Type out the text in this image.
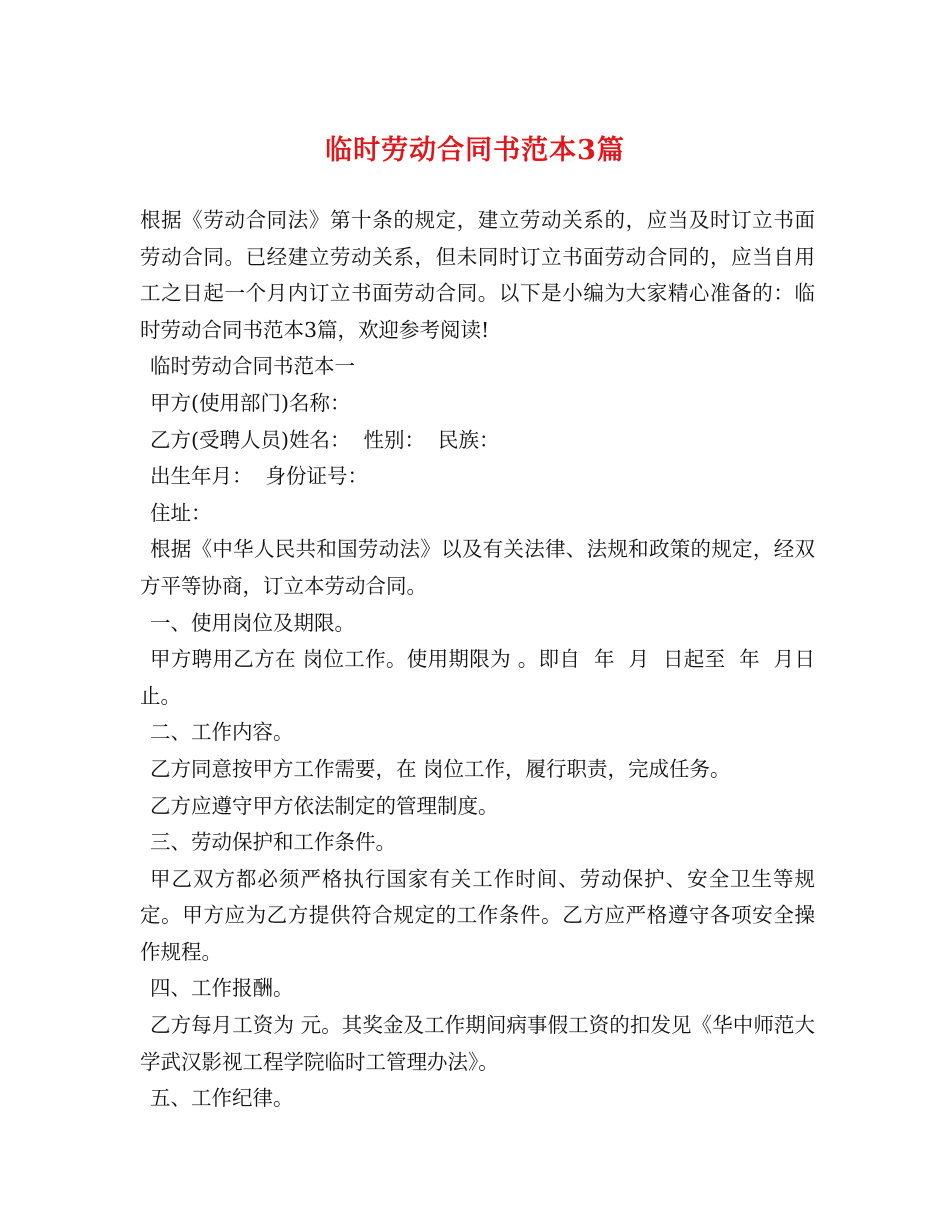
临时劳动合同书范本3篇

根据《劳动合同法》第十条的规定，建立劳动关系的，应当及时订立书面劳动合同。已经建立劳动关系，但未同时订立书面劳动合同的，应当自用工之日起一个月内订立书面劳动合同。以下是小编为大家精心准备的：临时劳动合同书范本3篇，欢迎参考阅读!

临时劳动合同书范本一

甲方(使用部门)名称：

乙方(受聘人员)姓名：  性别：  民族：

出生年月：  身份证号：

住址：

根据《中华人民共和国劳动法》以及有关法律、法规和政策的规定，经双方平等协商，订立本劳动合同。

一、使用岗位及期限。

甲方聘用乙方在 岗位工作。使用期限为 。即自  年  月  日起至  年  月日止。

二、工作内容。

乙方同意按甲方工作需要，在 岗位工作，履行职责，完成任务。

乙方应遵守甲方依法制定的管理制度。

三、劳动保护和工作条件。

甲乙双方都必须严格执行国家有关工作时间、劳动保护、安全卫生等规定。甲方应为乙方提供符合规定的工作条件。乙方应严格遵守各项安全操作规程。

四、工作报酬。

乙方每月工资为 元。其奖金及工作期间病事假工资的扣发见《华中师范大学武汉影视工程学院临时工管理办法》。

五、工作纪律。
